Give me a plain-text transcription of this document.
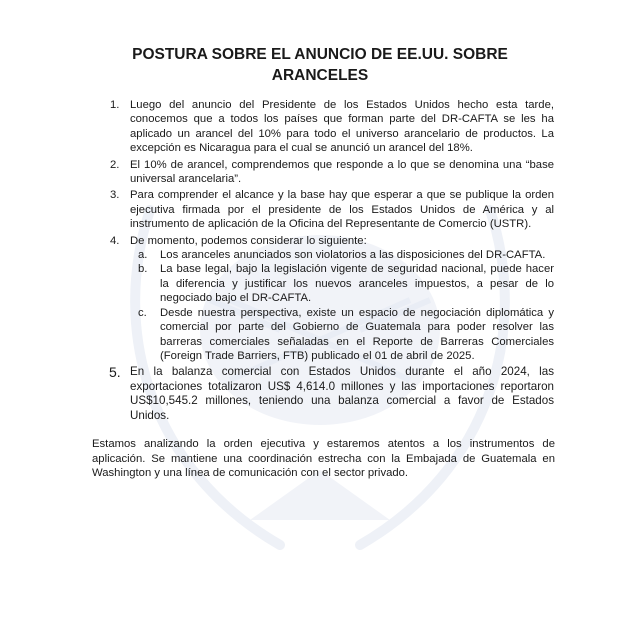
POSTURA SOBRE EL ANUNCIO DE EE.UU. SOBRE ARANCELES
1. Luego del anuncio del Presidente de los Estados Unidos hecho esta tarde, conocemos que a todos los países que forman parte del DR-CAFTA se les ha aplicado un arancel del 10% para todo el universo arancelario de productos. La excepción es Nicaragua para el cual se anunció un arancel del 18%.
2. El 10% de arancel, comprendemos que responde a lo que se denomina una “base universal arancelaria”.
3. Para comprender el alcance y la base hay que esperar a que se publique la orden ejecutiva firmada por el presidente de los Estados Unidos de América y al instrumento de aplicación de la Oficina del Representante de Comercio (USTR).
4. De momento, podemos considerar lo siguiente:
a. Los aranceles anunciados son violatorios a las disposiciones del DR-CAFTA.
b. La base legal, bajo la legislación vigente de seguridad nacional, puede hacer la diferencia y justificar los nuevos aranceles impuestos, a pesar de lo negociado bajo el DR-CAFTA.
c. Desde nuestra perspectiva, existe un espacio de negociación diplomática y comercial por parte del Gobierno de Guatemala para poder resolver las barreras comerciales señaladas en el Reporte de Barreras Comerciales (Foreign Trade Barriers, FTB) publicado el 01 de abril de 2025.
5. En la balanza comercial con Estados Unidos durante el año 2024, las exportaciones totalizaron US$ 4,614.0 millones y las importaciones reportaron US$10,545.2 millones, teniendo una balanza comercial a favor de Estados Unidos.

Estamos analizando la orden ejecutiva y estaremos atentos a los instrumentos de aplicación. Se mantiene una coordinación estrecha con la Embajada de Guatemala en Washington y una línea de comunicación con el sector privado.
